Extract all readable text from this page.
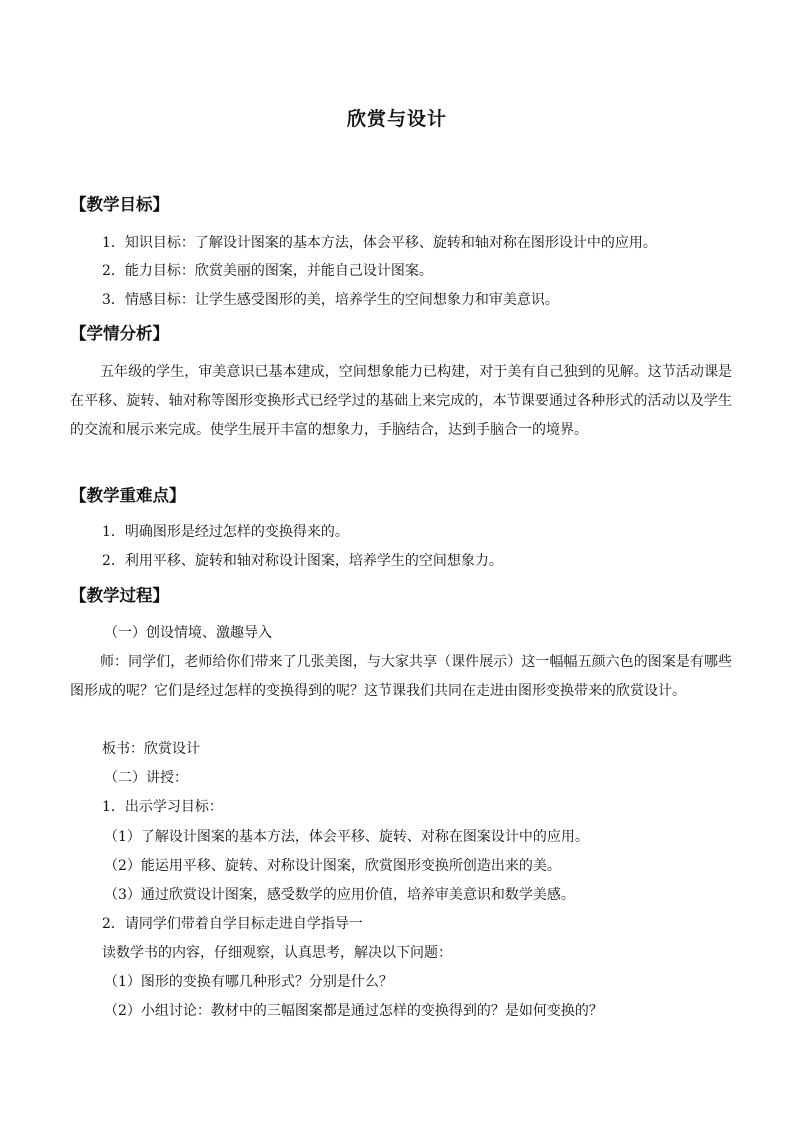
欣赏与设计
【教学目标】
1．知识目标：了解设计图案的基本方法，体会平移、旋转和轴对称在图形设计中的应用。
2．能力目标：欣赏美丽的图案，并能自己设计图案。
3．情感目标：让学生感受图形的美，培养学生的空间想象力和审美意识。
【学情分析】
五年级的学生，审美意识已基本建成，空间想象能力已构建，对于美有自己独到的见解。这节活动课是在平移、旋转、轴对称等图形变换形式已经学过的基础上来完成的，本节课要通过各种形式的活动以及学生的交流和展示来完成。使学生展开丰富的想象力，手脑结合，达到手脑合一的境界。
【教学重难点】
1．明确图形是经过怎样的变换得来的。
2．利用平移、旋转和轴对称设计图案，培养学生的空间想象力。
【教学过程】
（一）创设情境、激趣导入
师：同学们，老师给你们带来了几张美图，与大家共享（课件展示）这一幅幅五颜六色的图案是有哪些图形成的呢？它们是经过怎样的变换得到的呢？这节课我们共同在走进由图形变换带来的欣赏设计。
板书：欣赏设计
（二）讲授：
1．出示学习目标：
（1）了解设计图案的基本方法，体会平移、旋转、对称在图案设计中的应用。
（2）能运用平移、旋转、对称设计图案，欣赏图形变换所创造出来的美。
（3）通过欣赏设计图案，感受数学的应用价值，培养审美意识和数学美感。
2．请同学们带着自学目标走进自学指导一
读数学书的内容，仔细观察，认真思考，解决以下问题：
（1）图形的变换有哪几种形式？分别是什么？
（2）小组讨论：教材中的三幅图案都是通过怎样的变换得到的？是如何变换的？
